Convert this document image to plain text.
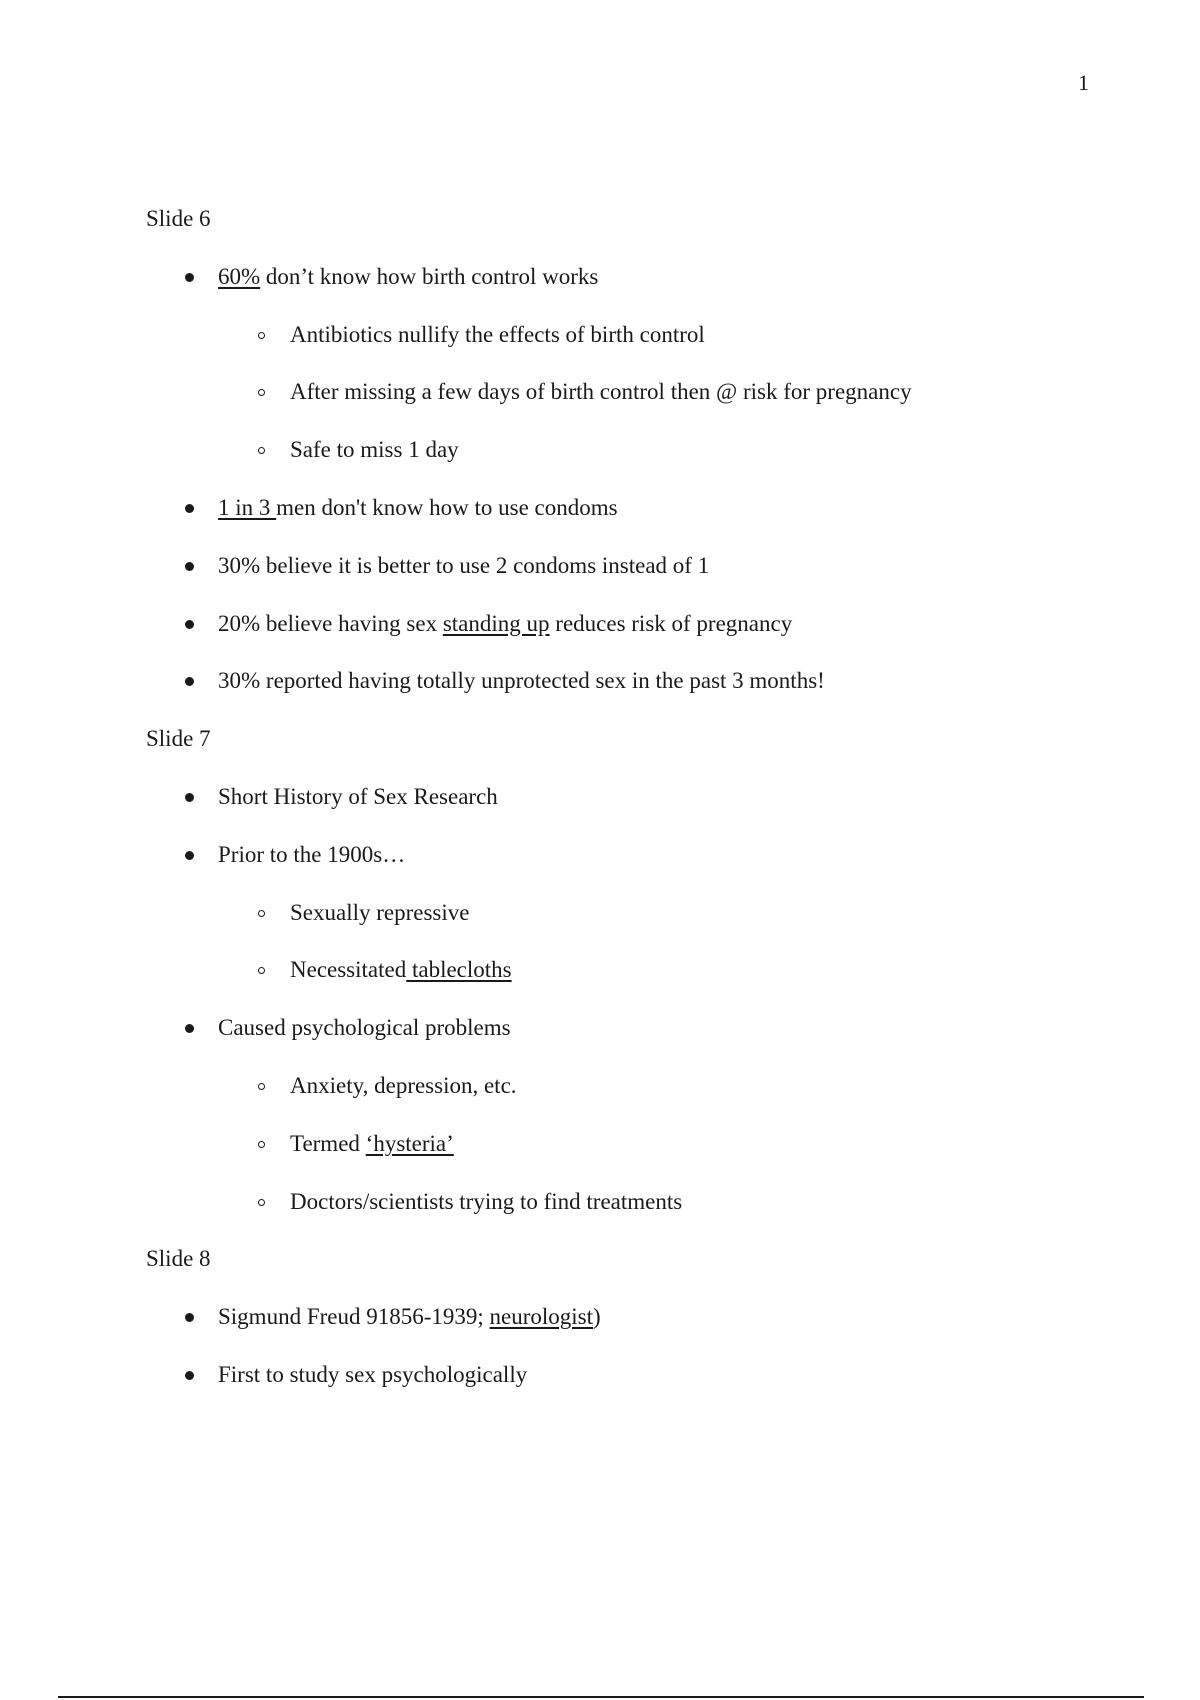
1
Slide 6
60% don’t know how birth control works
Antibiotics nullify the effects of birth control
After missing a few days of birth control then @ risk for pregnancy
Safe to miss 1 day
1 in 3 men don't know how to use condoms
30% believe it is better to use 2 condoms instead of 1
20% believe having sex standing up reduces risk of pregnancy
30% reported having totally unprotected sex in the past 3 months!
Slide 7
Short History of Sex Research
Prior to the 1900s…
Sexually repressive
Necessitated tablecloths
Caused psychological problems
Anxiety, depression, etc.
Termed ‘hysteria’
Doctors/scientists trying to find treatments
Slide 8
Sigmund Freud 91856-1939; neurologist)
First to study sex psychologically
